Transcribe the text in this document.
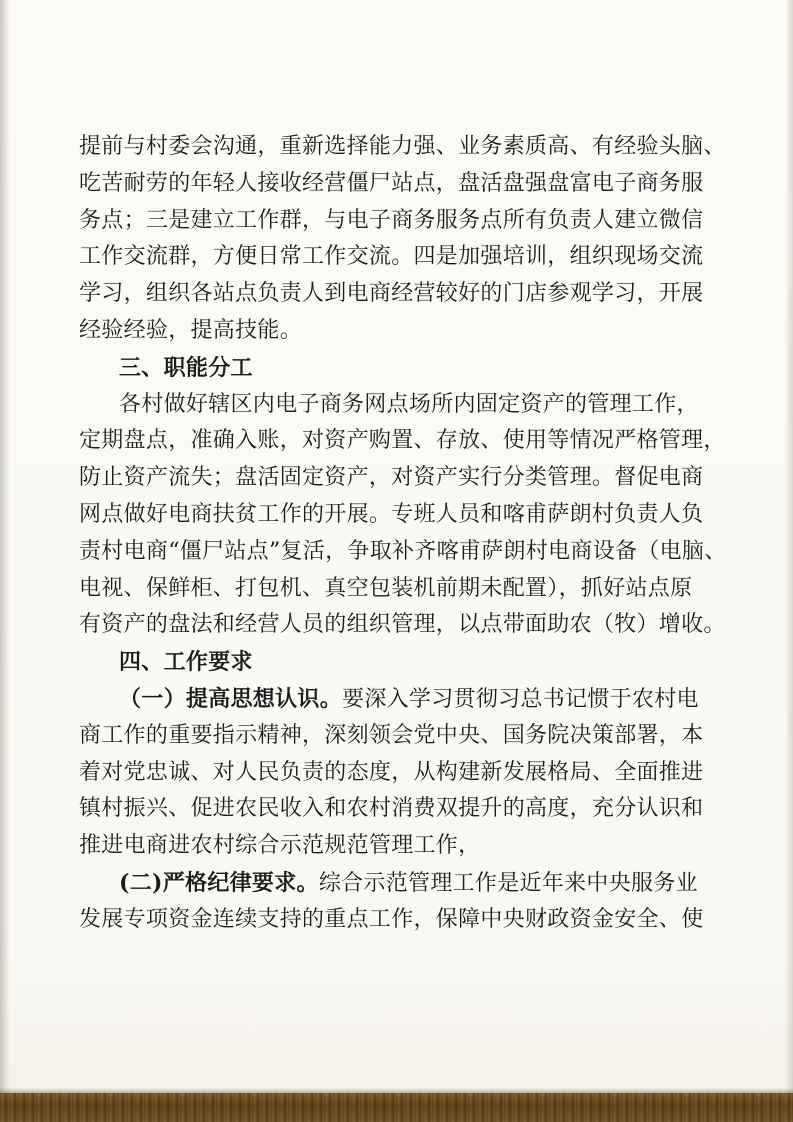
提前与村委会沟通，重新选择能力强、业务素质高、有经验头脑、
吃苦耐劳的年轻人接收经营僵尸站点，盘活盘强盘富电子商务服
务点；三是建立工作群，与电子商务服务点所有负责人建立微信
工作交流群，方便日常工作交流。四是加强培训，组织现场交流
学习，组织各站点负责人到电商经营较好的门店参观学习，开展
经验经验，提高技能。
三、职能分工
各村做好辖区内电子商务网点场所内固定资产的管理工作，
定期盘点，准确入账，对资产购置、存放、使用等情况严格管理，
防止资产流失；盘活固定资产，对资产实行分类管理。督促电商
网点做好电商扶贫工作的开展。专班人员和喀甫萨朗村负责人负
责村电商“僵尸站点”复活，争取补齐喀甫萨朗村电商设备（电脑、
电视、保鲜柜、打包机、真空包装机前期未配置），抓好站点原
有资产的盘法和经营人员的组织管理，以点带面助农（牧）增收。
四、工作要求
（一）提高思想认识。要深入学习贯彻习总书记惯于农村电
商工作的重要指示精神，深刻领会党中央、国务院决策部署，本
着对党忠诚、对人民负责的态度，从构建新发展格局、全面推进
镇村振兴、促进农民收入和农村消费双提升的高度，充分认识和
推进电商进农村综合示范规范管理工作，
(二)严格纪律要求。综合示范管理工作是近年来中央服务业
发展专项资金连续支持的重点工作，保障中央财政资金安全、使
